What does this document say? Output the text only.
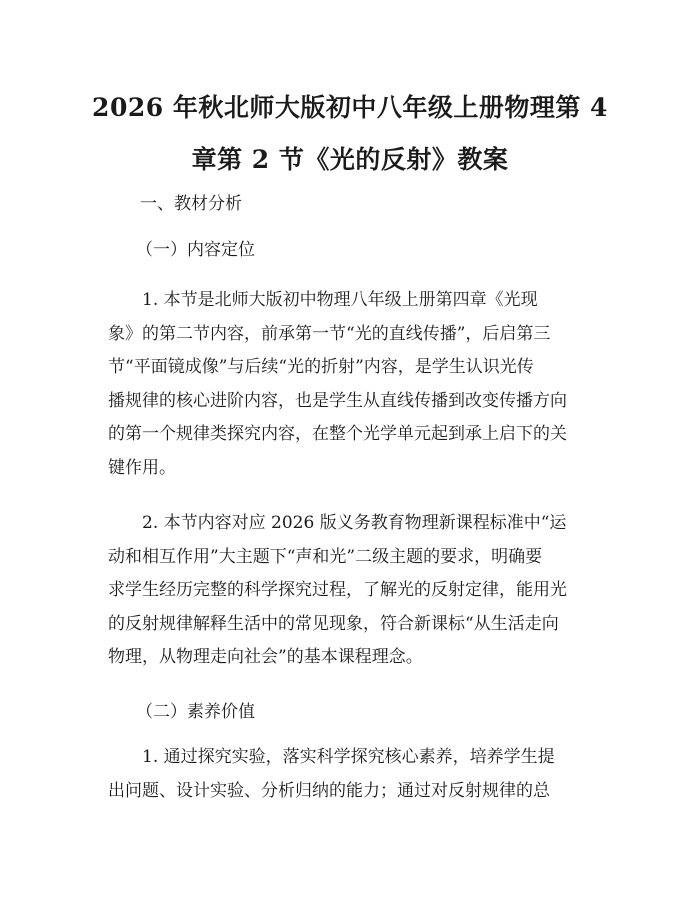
2026 年秋北师大版初中八年级上册物理第 4
章第 2 节《光的反射》教案
一、教材分析
（一）内容定位
　　1. 本节是北师大版初中物理八年级上册第四章《光现
象》的第二节内容，前承第一节“光的直线传播”，后启第三
节“平面镜成像”与后续“光的折射”内容，是学生认识光传
播规律的核心进阶内容，也是学生从直线传播到改变传播方向
的第一个规律类探究内容，在整个光学单元起到承上启下的关
键作用。
　　2. 本节内容对应 2026 版义务教育物理新课程标准中“运
动和相互作用”大主题下“声和光”二级主题的要求，明确要
求学生经历完整的科学探究过程，了解光的反射定律，能用光
的反射规律解释生活中的常见现象，符合新课标“从生活走向
物理，从物理走向社会”的基本课程理念。
（二）素养价值
　　1. 通过探究实验，落实科学探究核心素养，培养学生提
出问题、设计实验、分析归纳的能力；通过对反射规律的总
